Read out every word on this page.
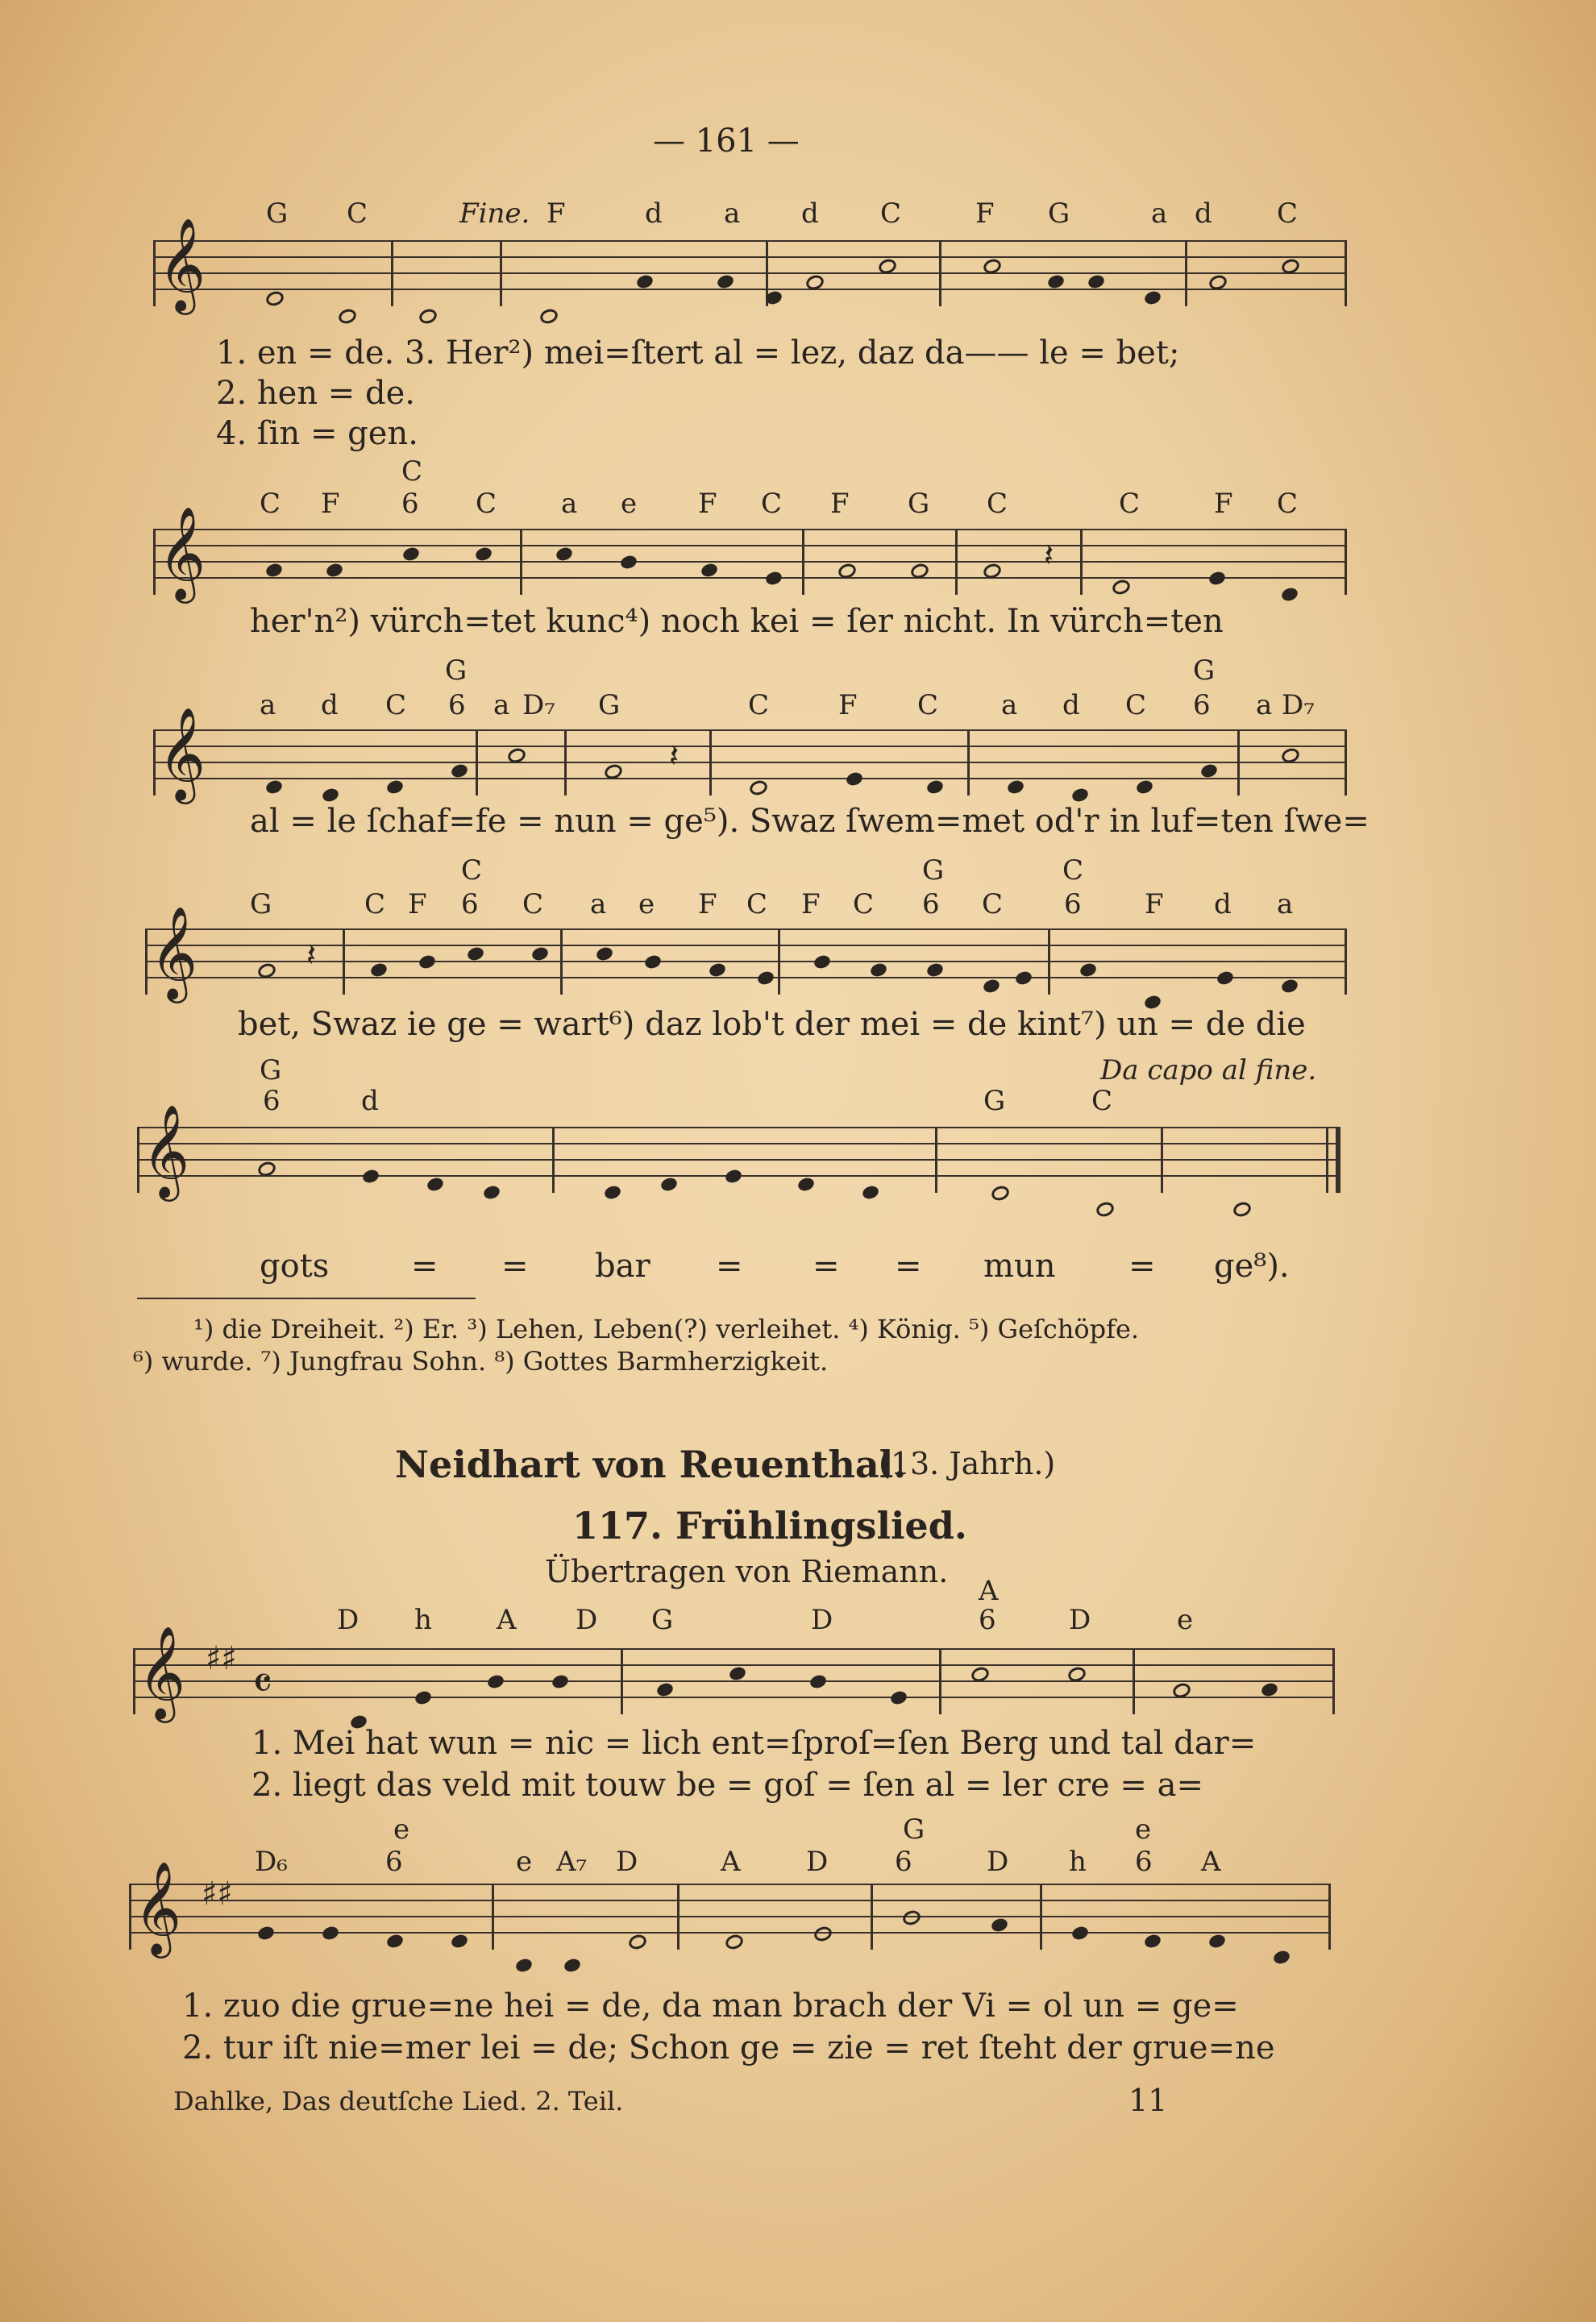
— 161 —
G C	Fine. F	d a d C	F G	a d C
𝄞
1. en = de. 3. Her²) mei=ſtert al = lez, daz da—— le = bet;
2. hen = de.
4. ſin = gen.
C
C F 6 C a e F C F G C	C	F C
𝄞	𝄽
her'n²) vürch=tet kunc⁴) noch kei = ſer nicht. In vürch=ten
G	G
a d C 6 a D₇ G	C	F C a d C 6 a D₇
𝄞	𝄽
al = le ſchaf=fe = nun = ge⁵). Swaz ſwem=met od'r in luf=ten ſwe=
C	G	C
G	C F 6 C a e F C F C 6 C 6 F d a
𝄞	𝄽
bet, Swaz ie ge = wart⁶) daz lob't der mei = de kint⁷) un = de die
G	Da capo al fine.
6	d	G	C
𝄞
gots	= = bar = = = mun = ge⁸).
¹) die Dreiheit. ²) Er. ³) Lehen, Leben(?) verleihet. ⁴) König. ⁵) Geſchöpfe.
⁶) wurde. ⁷) Jungfrau Sohn. ⁸) Gottes Barmherzigkeit.
Neidhart von Reuenthal.
(13. Jahrh.)
117. Frühlingslied.
Übertragen von Riemann.
A
D h A D G	D	6	D	e
𝄞 ♯♯ 𝄴
1. Mei hat wun = nic = lich ent=ſproſ=ſen Berg und tal dar=
2. liegt das veld mit touw be = goſ = ſen al = ler cre = a=
e	G	e
D₆	6	e A₇ D	A D 6	D h 6 A
𝄞 ♯♯
1. zuo die grue=ne hei = de, da man brach der Vi = ol un = ge=
2. tur iſt nie=mer lei = de; Schon ge = zie = ret ſteht der grue=ne
Dahlke, Das deutſche Lied. 2. Teil.	11
